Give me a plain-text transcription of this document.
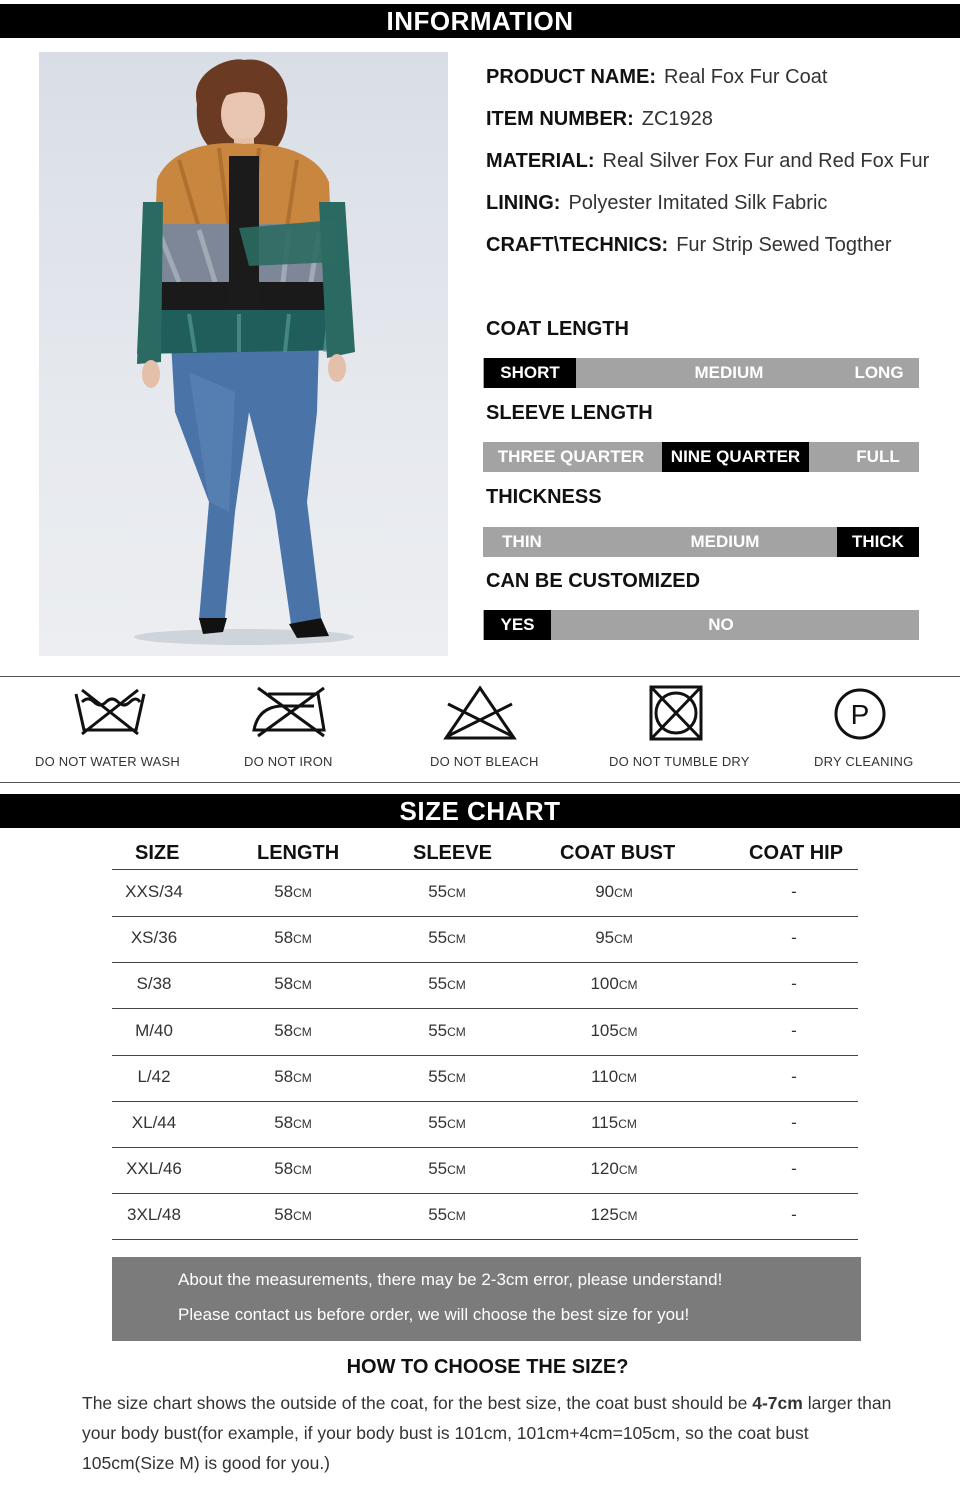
INFORMATION
PRODUCT NAME: Real Fox Fur Coat
ITEM NUMBER: ZC1928
MATERIAL: Real Silver Fox Fur and Red Fox Fur
LINING: Polyester Imitated Silk Fabric
CRAFT\TECHNICS: Fur Strip Sewed Togther
COAT LENGTH
SHORT	MEDIUM	LONG
SLEEVE LENGTH
THREE QUARTER	NINE QUARTER	FULL
THICKNESS
THIN	MEDIUM	THICK
CAN BE CUSTOMIZED
YES	NO
DO NOT WATER WASH	DO NOT IRON	DO NOT BLEACH	DO NOT TUMBLE DRY
P
DRY CLEANING
SIZE CHART
SIZE	LENGTH	SLEEVE	COAT BUST	COAT HIP
XXS/34	58CM	55CM	90CM	-
XS/36	58CM	55CM	95CM	-
S/38	58CM	55CM	100CM	-
M/40	58CM	55CM	105CM	-
L/42	58CM	55CM	110CM	-
XL/44	58CM	55CM	115CM	-
XXL/46	58CM	55CM	120CM	-
3XL/48	58CM	55CM	125CM	-
About the measurements, there may be 2-3cm error, please understand!
Please contact us before order, we will choose the best size for you!
HOW TO CHOOSE THE SIZE?
The size chart shows the outside of the coat, for the best size, the coat bust should be 4-7cm larger than your body bust(for example, if your body bust is 101cm, 101cm+4cm=105cm, so the coat bust 105cm(Size M) is good for you.)
